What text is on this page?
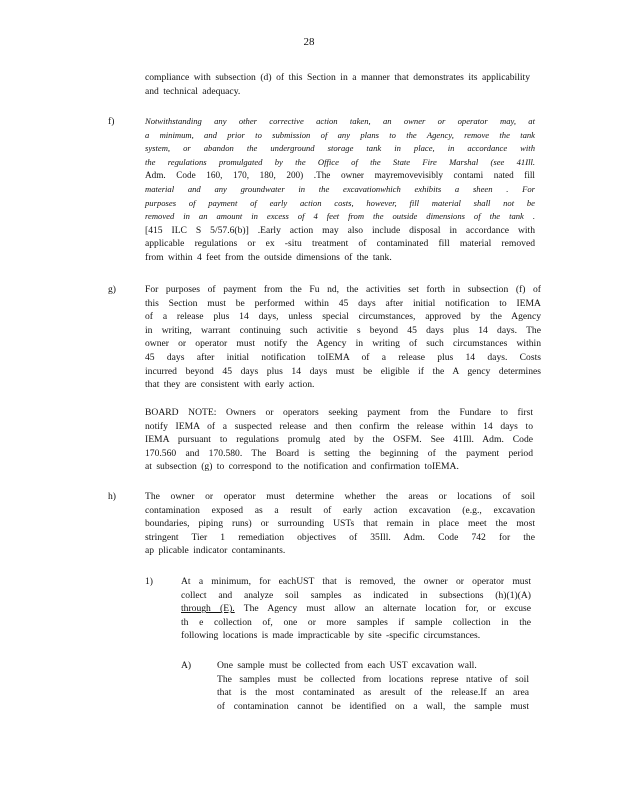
28
compliance with subsection (d) of this Section in a manner that demonstrates its applicability and technical adequacy.
f)	Notwithstanding any other corrective action taken, an owner or operator may, at
a minimum, and prior to submission of any plans to the Agency, remove the tank
system, or abandon the underground storage tank in place, in accordance with
the regulations promulgated by the Office of the State Fire Marshal (see 41Ill.
Adm. Code 160, 170, 180, 200) .The owner mayremovevisibly contami nated fill
material and any groundwater in the excavationwhich exhibits a sheen . For
purposes of payment of early action costs, however, fill material shall not be
removed in an amount in excess of 4 feet from the outside dimensions of the tank .
[415 ILC S 5/57.6(b)] .Early action may also include disposal in accordance with
applicable regulations or ex -situ treatment of contaminated fill material removed
from within 4 feet from the outside dimensions of the tank.
g)	For purposes of payment from the Fu nd, the activities set forth in subsection (f) of
this Section must be performed within 45 days after initial notification to IEMA
of a release plus 14 days, unless special circumstances, approved by the Agency
in writing, warrant continuing such activitie s beyond 45 days plus 14 days. The
owner or operator must notify the Agency in writing of such circumstances within
45 days after initial notification toIEMA of a release plus 14 days. Costs
incurred beyond 45 days plus 14 days must be eligible if the A gency determines
that they are consistent with early action.
BOARD NOTE: Owners or operators seeking payment from the Fundare to first
notify IEMA of a suspected release and then confirm the release within 14 days to
IEMA pursuant to regulations promulg ated by the OSFM. See 41Ill. Adm. Code
170.560 and 170.580. The Board is setting the beginning of the payment period
at subsection (g) to correspond to the notification and confirmation toIEMA.
h)	The owner or operator must determine whether the areas or locations of soil
contamination exposed as a result of early action excavation (e.g., excavation
boundaries, piping runs) or surrounding USTs that remain in place meet the most
stringent Tier 1 remediation objectives of 35Ill. Adm. Code 742 for the
ap plicable indicator contaminants.
1)	At a minimum, for eachUST that is removed, the owner or operator must
collect and analyze soil samples as indicated in subsections (h)(1)(A)
through (E). The Agency must allow an alternate location for, or excuse
th e collection of, one or more samples if sample collection in the
following locations is made impracticable by site -specific circumstances.
A)	One sample must be collected from each UST excavation wall.
The samples must be collected from locations represe ntative of soil
that is the most contaminated as aresult of the release.If an area
of contamination cannot be identified on a wall, the sample must
